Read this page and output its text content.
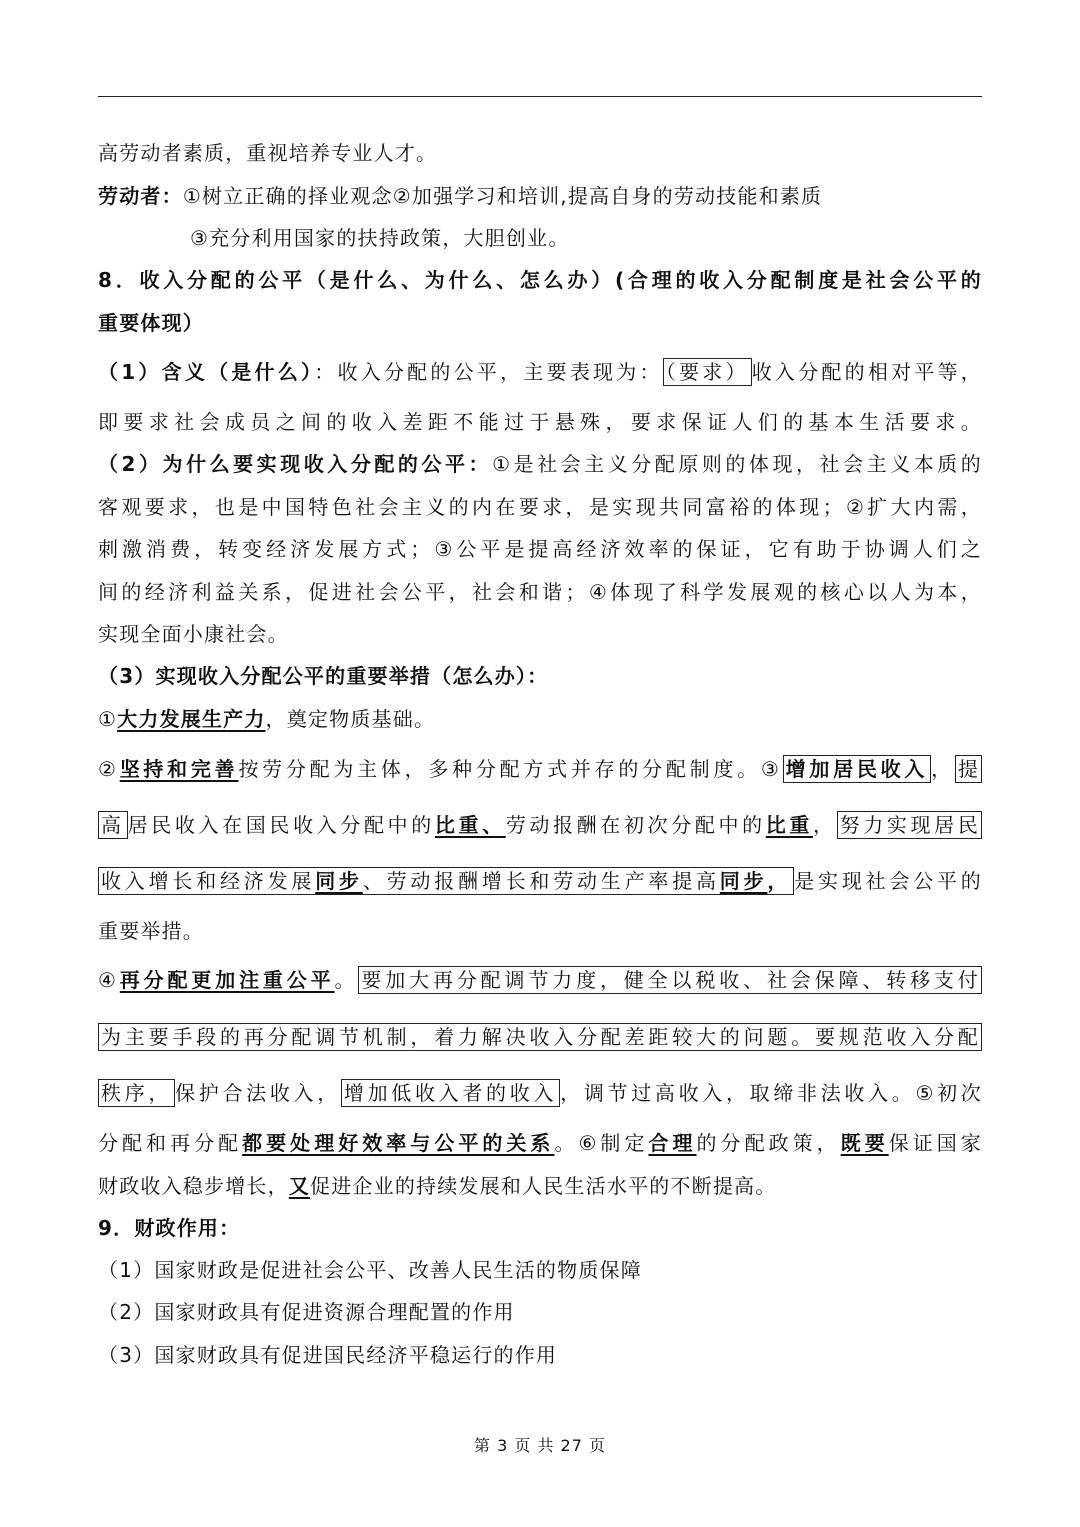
高劳动者素质，重视培养专业人才。
劳动者：①树立正确的择业观念②加强学习和培训,提高自身的劳动技能和素质
③充分利用国家的扶持政策，大胆创业。
8．收入分配的公平（是什么、为什么、怎么办）(合理的收入分配制度是社会公平的
重要体现）
（1）含义（是什么）：收入分配的公平，主要表现为： （要求） 收入分配的相对平等，
即要求社会成员之间的收入差距不能过于悬殊，要求保证人们的基本生活要求。
（2）为什么要实现收入分配的公平：①是社会主义分配原则的体现，社会主义本质的
客观要求，也是中国特色社会主义的内在要求，是实现共同富裕的体现；②扩大内需，
刺激消费，转变经济发展方式；③公平是提高经济效率的保证，它有助于协调人们之
间的经济利益关系，促进社会公平，社会和谐；④体现了科学发展观的核心以人为本，
实现全面小康社会。
（3）实现收入分配公平的重要举措（怎么办）：
①大力发展生产力，奠定物质基础。
②坚持和完善按劳分配为主体，多种分配方式并存的分配制度。③ 增加居民收入 ， 提
高 居民收入在国民收入分配中的比重、劳动报酬在初次分配中的比重， 努力实现居民
收入增长和经济发展同步、劳动报酬增长和劳动生产率提高同步， 是实现社会公平的
重要举措。
④再分配更加注重公平。 要加大再分配调节力度，健全以税收、社会保障、转移支付
为主要手段的再分配调节机制，着力解决收入分配差距较大的问题。要规范收入分配
秩序， 保护合法收入， 增加低收入者的收入 ，调节过高收入，取缔非法收入。⑤初次
分配和再分配都要处理好效率与公平的关系。⑥制定合理的分配政策，既要保证国家
财政收入稳步增长，又促进企业的持续发展和人民生活水平的不断提高。
9．财政作用：
（1）国家财政是促进社会公平、改善人民生活的物质保障
（2）国家财政具有促进资源合理配置的作用
（3）国家财政具有促进国民经济平稳运行的作用
第 3 页 共 27 页
